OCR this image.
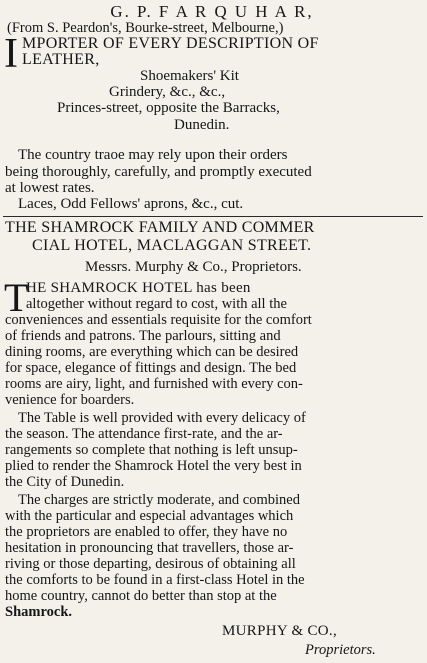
G. P. F A R Q U H A R,
(From S. Peardon's, Bourke-street, Melbourne,)
I MPORTER OF EVERY DESCRIPTION OF
LEATHER,
Shoemakers' Kit
Grindery, &c., &c.,
Princes-street, opposite the Barracks,
Dunedin.
The country traoe may rely upon their orders
being thoroughly, carefully, and promptly executed
at lowest rates.
Laces, Odd Fellows' aprons, &c., cut.
THE SHAMROCK FAMILY AND COMMER
CIAL HOTEL, MACLAGGAN STREET.
Messrs. Murphy & Co., Proprietors.
T
HE SHAMROCK HOTEL has been
altogether without regard to cost, with all the
conveniences and essentials requisite for the comfort
of friends and patrons. The parlours, sitting and
dining rooms, are everything which can be desired
for space, elegance of fittings and design. The bed
rooms are airy, light, and furnished with every con-
venience for boarders.
The Table is well provided with every delicacy of
the season. The attendance first-rate, and the ar-
rangements so complete that nothing is left unsup-
plied to render the Shamrock Hotel the very best in
the City of Dunedin.
The charges are strictly moderate, and combined
with the particular and especial advantages which
the proprietors are enabled to offer, they have no
hesitation in pronouncing that travellers, those ar-
riving or those departing, desirous of obtaining all
the comforts to be found in a first-class Hotel in the
home country, cannot do better than stop at the
Shamrock.
MURPHY & CO.,
Proprietors.
